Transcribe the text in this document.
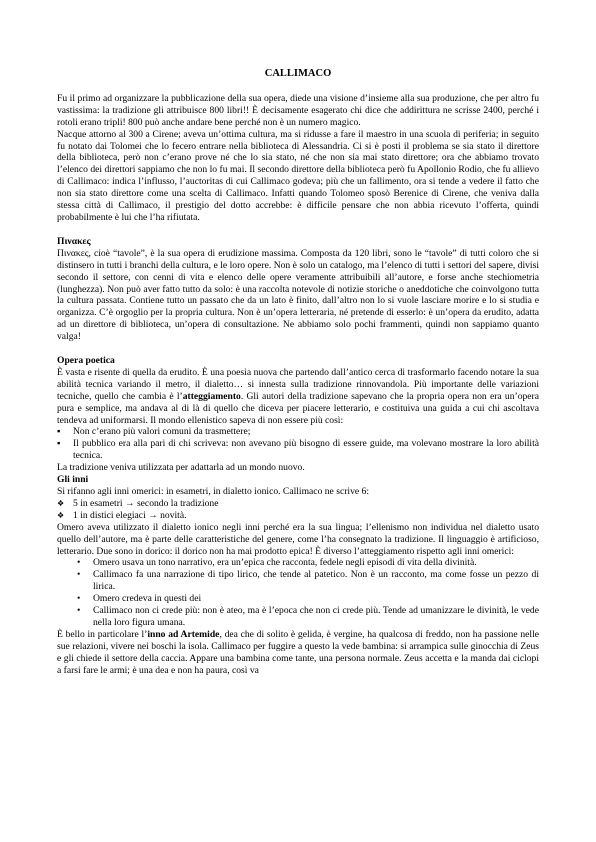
CALLIMACO

Fu il primo ad organizzare la pubblicazione della sua opera, diede una visione d’insieme alla sua produzione, che per altro fu vastissima: la tradizione gli attribuisce 800 libri!! È decisamente esagerato chi dice che addirittura ne scrisse 2400, perché i rotoli erano tripli! 800 può anche andare bene perché non è un numero magico.

Nacque attorno al 300 a Cirene; aveva un’ottima cultura, ma si ridusse a fare il maestro in una scuola di periferia; in seguito fu notato dai Tolomei che lo fecero entrare nella biblioteca di Alessandria. Ci si è posti il problema se sia stato il direttore della biblioteca, però non c’erano prove né che lo sia stato, né che non sia mai stato direttore; ora che abbiamo trovato l’elenco dei direttori sappiamo che non lo fu mai. Il secondo direttore della biblioteca però fu Apollonio Rodio, che fu allievo di Callimaco: indica l’influsso, l’auctoritas di cui Callimaco godeva; più che un fallimento, ora si tende a vedere il fatto che non sia stato direttore come una scelta di Callimaco. Infatti quando Tolomeo sposò Berenice di Cirene, che veniva dalla stessa città di Callimaco, il prestigio del dotto accrebbe: è difficile pensare che non abbia ricevuto l’offerta, quindi probabilmente è lui che l’ha rifiutata.

Πινακες

Πινακες, cioè “tavole”, è la sua opera di erudizione massima. Composta da 120 libri, sono le “tavole” di tutti coloro che si distinsero in tutti i branchi della cultura, e le loro opere. Non è solo un catalogo, ma l’elenco di tutti i settori del sapere, divisi secondo il settore, con cenni di vita e elenco delle opere veramente attribuibili all’autore, e forse anche stechiometria (lunghezza). Non può aver fatto tutto da solo: è una raccolta notevole di notizie storiche o aneddotiche che coinvolgono tutta la cultura passata. Contiene tutto un passato che da un lato è finito, dall’altro non lo si vuole lasciare morire e lo si studia e organizza. C’è orgoglio per la propria cultura. Non è un’opera letteraria, né pretende di esserlo: è un’opera da erudito, adatta ad un direttore di biblioteca, un’opera di consultazione. Ne abbiamo solo pochi frammenti, quindi non sappiamo quanto valga!

Opera poetica

È vasta e risente di quella da erudito. È una poesia nuova che partendo dall’antico cerca di trasformarlo facendo notare la sua abilità tecnica variando il metro, il dialetto… si innesta sulla tradizione rinnovandola. Più importante delle variazioni tecniche, quello che cambia è l’atteggiamento. Gli autori della tradizione sapevano che la propria opera non era un’opera pura e semplice, ma andava al di là di quello che diceva per piacere letterario, e costituiva una guida a cui chi ascoltava tendeva ad uniformarsi. Il mondo ellenistico sapeva di non essere più così:

▪ Non c’erano più valori comuni da trasmettere;
▪ Il pubblico era alla pari di chi scriveva: non avevano più bisogno di essere guide, ma volevano mostrare la loro abilità tecnica.

La tradizione veniva utilizzata per adattarla ad un mondo nuovo.

Gli inni

Si rifanno agli inni omerici: in esametri, in dialetto ionico. Callimaco ne scrive 6:

❖ 5 in esametri → secondo la tradizione
❖ 1 in distici elegiaci → novità.

Omero aveva utilizzato il dialetto ionico negli inni perché era la sua lingua; l’ellenismo non individua nel dialetto usato quello dell’autore, ma è parte delle caratteristiche del genere, come l’ha consegnato la tradizione. Il linguaggio è artificioso, letterario. Due sono in dorico: il dorico non ha mai prodotto epica! È diverso l’atteggiamento rispetto agli inni omerici:

• Omero usava un tono narrativo, era un’epica che racconta, fedele negli episodi di vita della divinità.
• Callimaco fa una narrazione di tipo lirico, che tende al patetico. Non è un racconto, ma come fosse un pezzo di lirica.
• Omero credeva in questi dei
• Callimaco non ci crede più: non è ateo, ma è l’epoca che non ci crede più. Tende ad umanizzare le divinità, le vede nella loro figura umana.

È bello in particolare l’inno ad Artemide, dea che di solito è gelida, è vergine, ha qualcosa di freddo, non ha passione nelle sue relazioni, vivere nei boschi la isola. Callimaco per fuggire a questo la vede bambina: si arrampica sulle ginocchia di Zeus e gli chiede il settore della caccia. Appare una bambina come tante, una persona normale. Zeus accetta e la manda dai ciclopi a farsi fare le armi; è una dea e non ha paura, così va
